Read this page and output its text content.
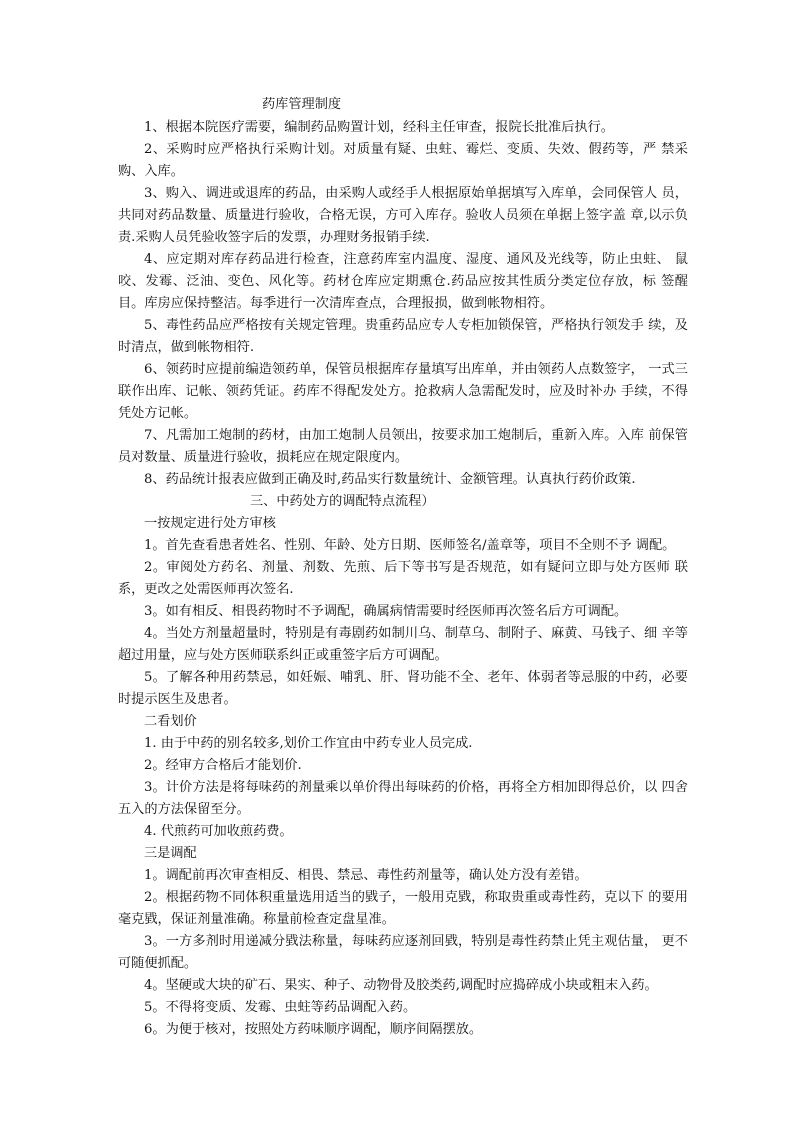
药库管理制度

1、根据本院医疗需要，编制药品购置计划，经科主任审查，报院长批准后执行。

2、采购时应严格执行采购计划。对质量有疑、虫蛀、霉烂、变质、失效、假药等，严 禁采购、入库。

3、购入、调进或退库的药品，由采购人或经手人根据原始单据填写入库单，会同保管人 员，共同对药品数量、质量进行验收，合格无误，方可入库存。验收人员须在单据上签字盖 章,以示负责.采购人员凭验收签字后的发票，办理财务报销手续.

4、应定期对库存药品进行检查，注意药库室内温度、湿度、通风及光线等，防止虫蛀、 鼠咬、发霉、泛油、变色、风化等。药材仓库应定期熏仓.药品应按其性质分类定位存放，标 签醒目。库房应保持整洁。每季进行一次清库查点，合理报损，做到帐物相符。

5、毒性药品应严格按有关规定管理。贵重药品应专人专柜加锁保管，严格执行领发手 续，及时清点，做到帐物相符.

6、领药时应提前编造领药单，保管员根据库存量填写出库单，并由领药人点数签字， 一式三联作出库、记帐、领药凭证。药库不得配发处方。抢救病人急需配发时，应及时补办 手续，不得凭处方记帐。

7、凡需加工炮制的药材，由加工炮制人员领出，按要求加工炮制后，重新入库。入库 前保管员对数量、质量进行验收，损耗应在规定限度内。

8、药品统计报表应做到正确及时,药品实行数量统计、金额管理。认真执行药价政策.

三、中药处方的调配特点流程）

一按规定进行处方审核

1。首先查看患者姓名、性别、年龄、处方日期、医师签名/盖章等，项目不全则不予 调配。

2。审阅处方药名、剂量、剂数、先煎、后下等书写是否规范，如有疑问立即与处方医师 联系，更改之处需医师再次签名.

3。如有相反、相畏药物时不予调配，确属病情需要时经医师再次签名后方可调配。

4。当处方剂量超量时，特别是有毒剧药如制川乌、制草乌、制附子、麻黄、马钱子、细 辛等超过用量，应与处方医师联系纠正或重签字后方可调配。

5。了解各种用药禁忌，如妊娠、哺乳、肝、肾功能不全、老年、体弱者等忌服的中药，必要时提示医生及患者。

二看划价

1. 由于中药的别名较多,划价工作宜由中药专业人员完成.

2。经审方合格后才能划价.

3。计价方法是将每味药的剂量乘以单价得出每味药的价格，再将全方相加即得总价，以 四舍五入的方法保留至分。

4. 代煎药可加收煎药费。

三是调配

1。调配前再次审查相反、相畏、禁忌、毒性药剂量等，确认处方没有差错。

2。根据药物不同体积重量选用适当的戥子，一般用克戥，称取贵重或毒性药，克以下 的要用毫克戥，保证剂量准确。称量前检查定盘星准。

3。一方多剂时用递减分戥法称量，每味药应逐剂回戥，特别是毒性药禁止凭主观估量， 更不可随便抓配。

4。坚硬或大块的矿石、果实、种子、动物骨及胶类药,调配时应捣碎成小块或粗末入药。

5。不得将变质、发霉、虫蛀等药品调配入药。

6。为便于核对，按照处方药味顺序调配，顺序间隔摆放。
